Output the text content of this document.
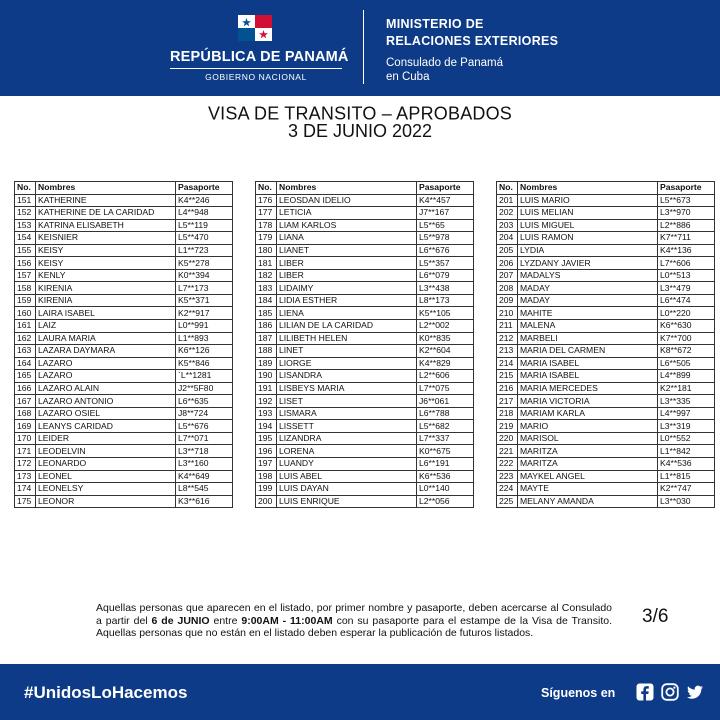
REPÚBLICA DE PANAMÁ
GOBIERNO NACIONAL
MINISTERIO DE
RELACIONES EXTERIORES
Consulado de Panamá
en Cuba
VISA DE TRANSITO – APROBADOS
3 DE JUNIO 2022
No.	Nombres	Pasaporte
151	KATHERINE	K4**246
152	KATHERINE DE LA CARIDAD	L4**948
153	KATRINA ELISABETH	L5**119
154	KEISNIER	L5**470
155	KEISY	L1**723
156	KEISY	K5**278
157	KENLY	K0**394
158	KIRENIA	L7**173
159	KIRENIA	K5**371
160	LAIRA ISABEL	K2**917
161	LAIZ	L0**991
162	LAURA MARIA	L1**893
163	LAZARA DAYMARA	K6**126
164	LAZARO	K5**846
165	LAZARO	`L**1281
166	LAZARO ALAIN	J2**5F80
167	LAZARO ANTONIO	L6**635
168	LAZARO OSIEL	J8**724
169	LEANYS CARIDAD	L5**676
170	LEIDER	L7**071
171	LEODELVIN	L3**718
172	LEONARDO	L3**160
173	LEONEL	K4**649
174	LEONELSY	L8**545
175	LEONOR	K3**616
No.	Nombres	Pasaporte
176	LEOSDAN IDELIO	K4**457
177	LETICIA	J7**167
178	LIAM KARLOS	L5**65
179	LIANA	L5**978
180	LIANET	L6**676
181	LIBER	L5**357
182	LIBER	L6**079
183	LIDAIMY	L3**438
184	LIDIA ESTHER	L8**173
185	LIENA	K5**105
186	LILIAN DE LA CARIDAD	L2**002
187	LILIBETH HELEN	K0**835
188	LINET	K2**604
189	LIORGE	K4**829
190	LISANDRA	L2**606
191	LISBEYS MARIA	L7**075
192	LISET	J6**061
193	LISMARA	L6**788
194	LISSETT	L5**682
195	LIZANDRA	L7**337
196	LORENA	K0**675
197	LUANDY	L6**191
198	LUIS ABEL	K6**536
199	LUIS DAYAN	L0**140
200	LUIS ENRIQUE	L2**056
No.	Nombres	Pasaporte
201	LUIS MARIO	L5**673
202	LUIS MELIAN	L3**970
203	LUIS MIGUEL	L2**886
204	LUIS RAMON	K7**711
205	LYDIA	K4**136
206	LYZDANY JAVIER	L7**606
207	MADALYS	L0**513
208	MADAY	L3**479
209	MADAY	L6**474
210	MAHITE	L0**220
211	MALENA	K6**630
212	MARBELI	K7**700
213	MARIA DEL CARMEN	K8**672
214	MARIA ISABEL	L6**505
215	MARIA ISABEL	L4**899
216	MARIA MERCEDES	K2**181
217	MARIA VICTORIA	L3**335
218	MARIAM KARLA	L4**997
219	MARIO	L3**319
220	MARISOL	L0**552
221	MARITZA	L1**842
222	MARITZA	K4**536
223	MAYKEL ANGEL	L1**815
224	MAYTE	K2**747
225	MELANY AMANDA	L3**030
Aquellas personas que aparecen en el listado, por primer nombre y pasaporte, deben acercarse al Consulado a partir del 6 de JUNIO entre 9:00AM - 11:00AM con su pasaporte para el estampe de la Visa de Transito. Aquellas personas que no están en el listado deben esperar la publicación de futuros listados.
3/6
#UnidosLoHacemos	Síguenos en
